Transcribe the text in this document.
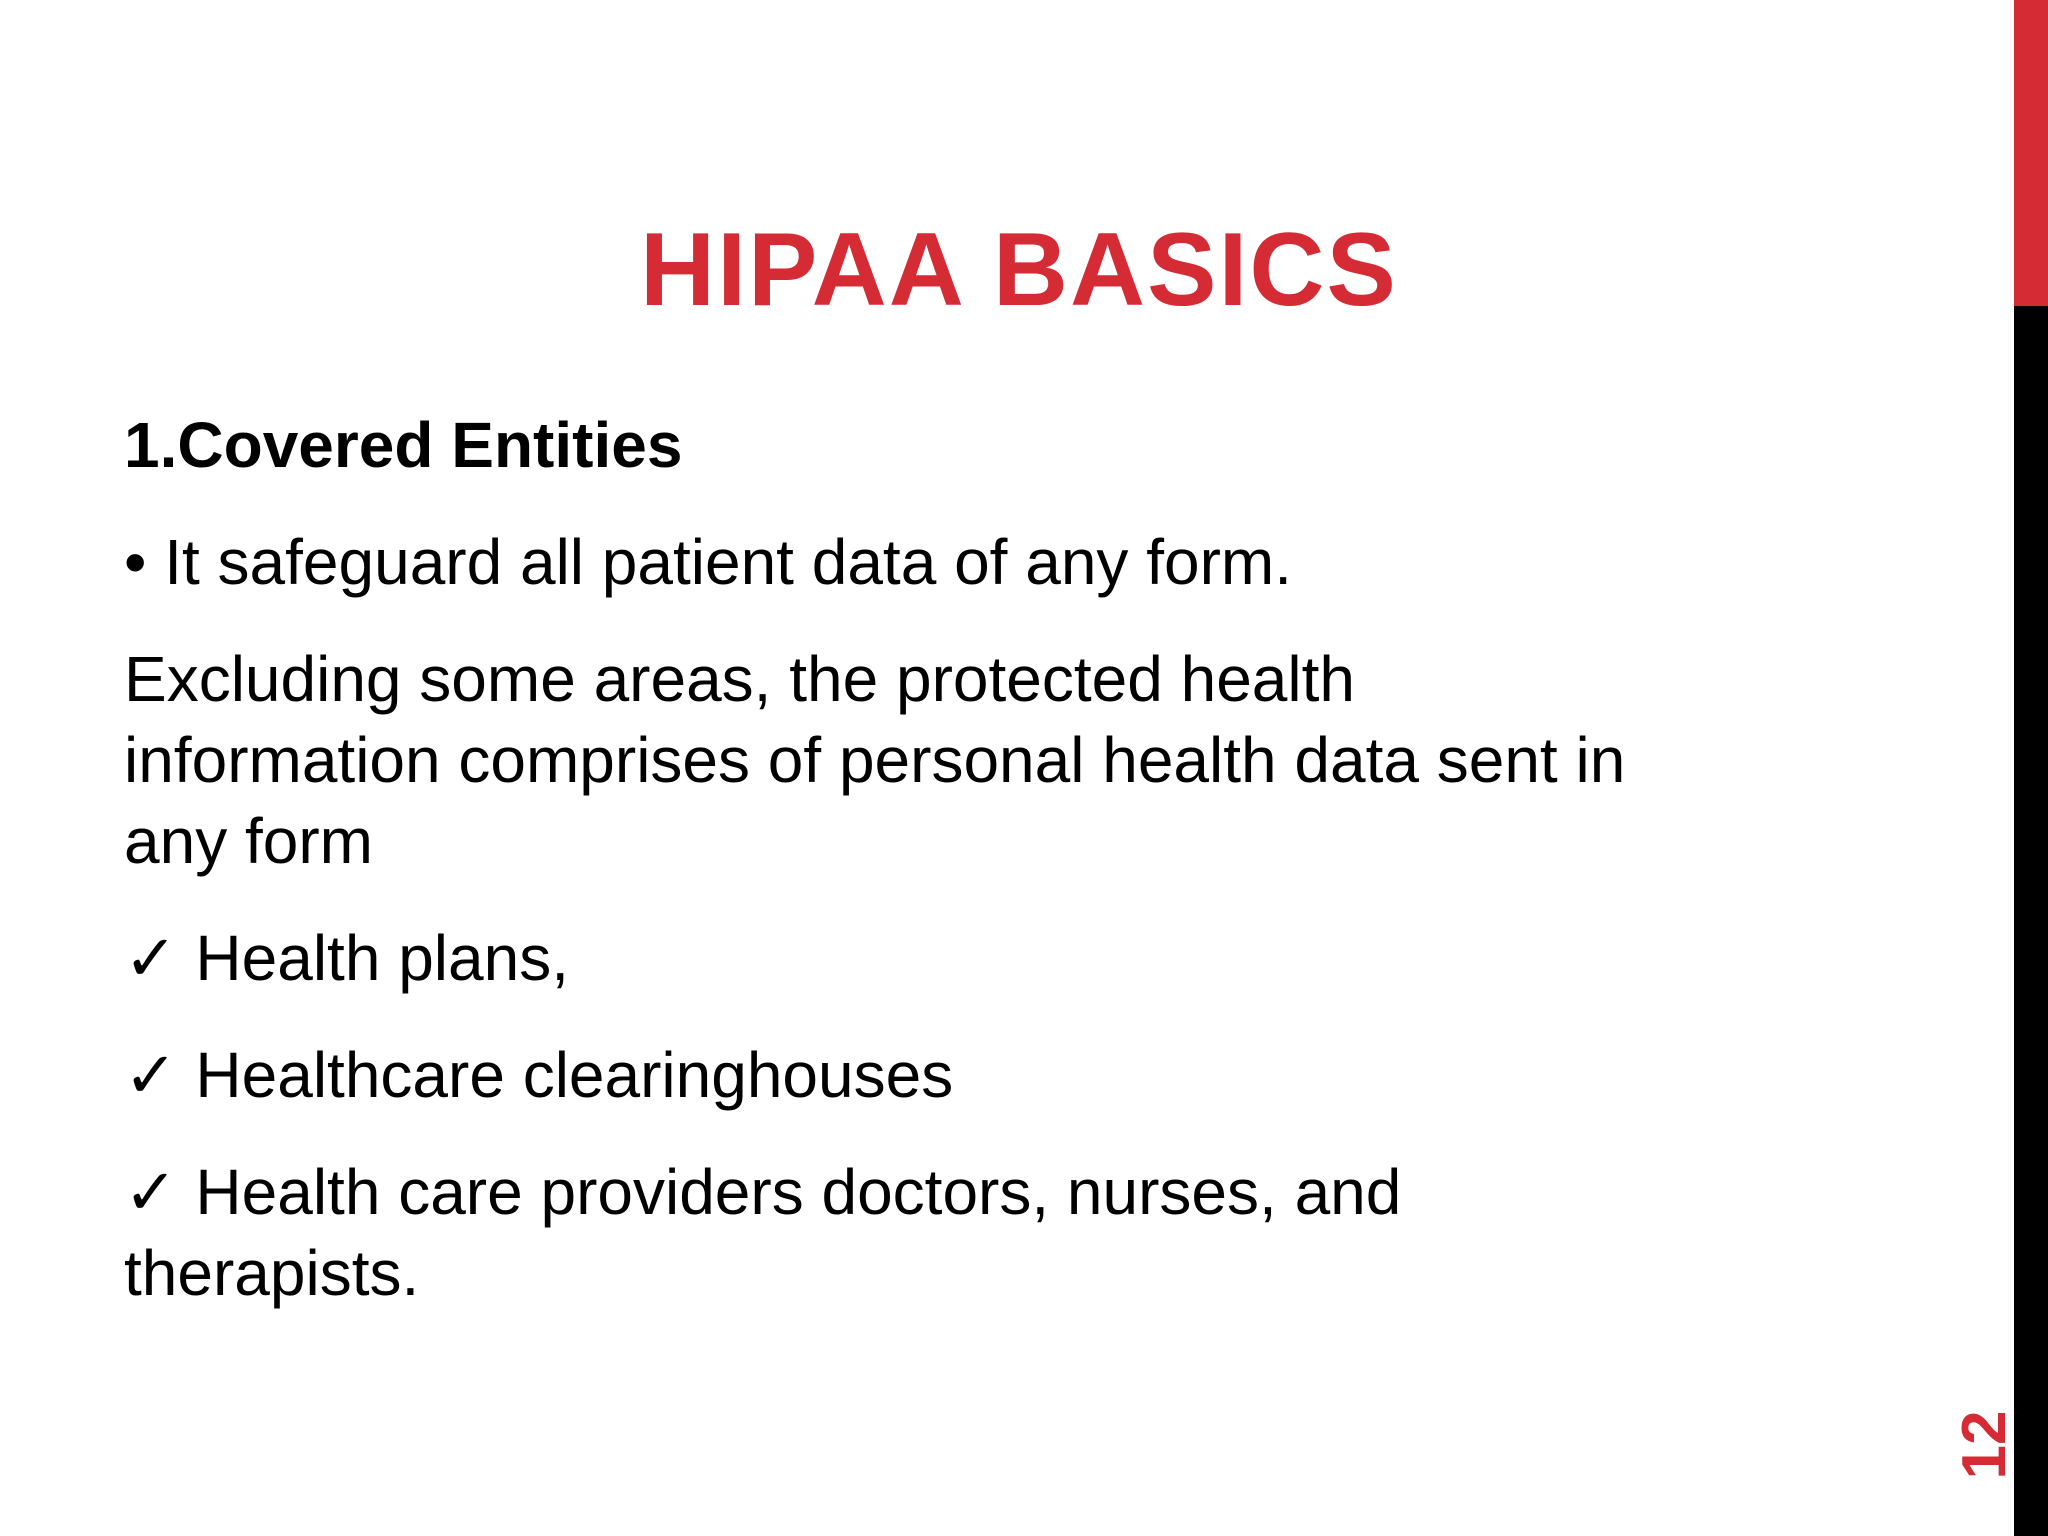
HIPAA BASICS

1.Covered Entities

• It safeguard all patient data of any form.

Excluding some areas, the protected health

information comprises of personal health data sent in

any form

✓ Health plans,

✓ Healthcare clearinghouses

✓ Health care providers doctors, nurses, and

therapists.

12
